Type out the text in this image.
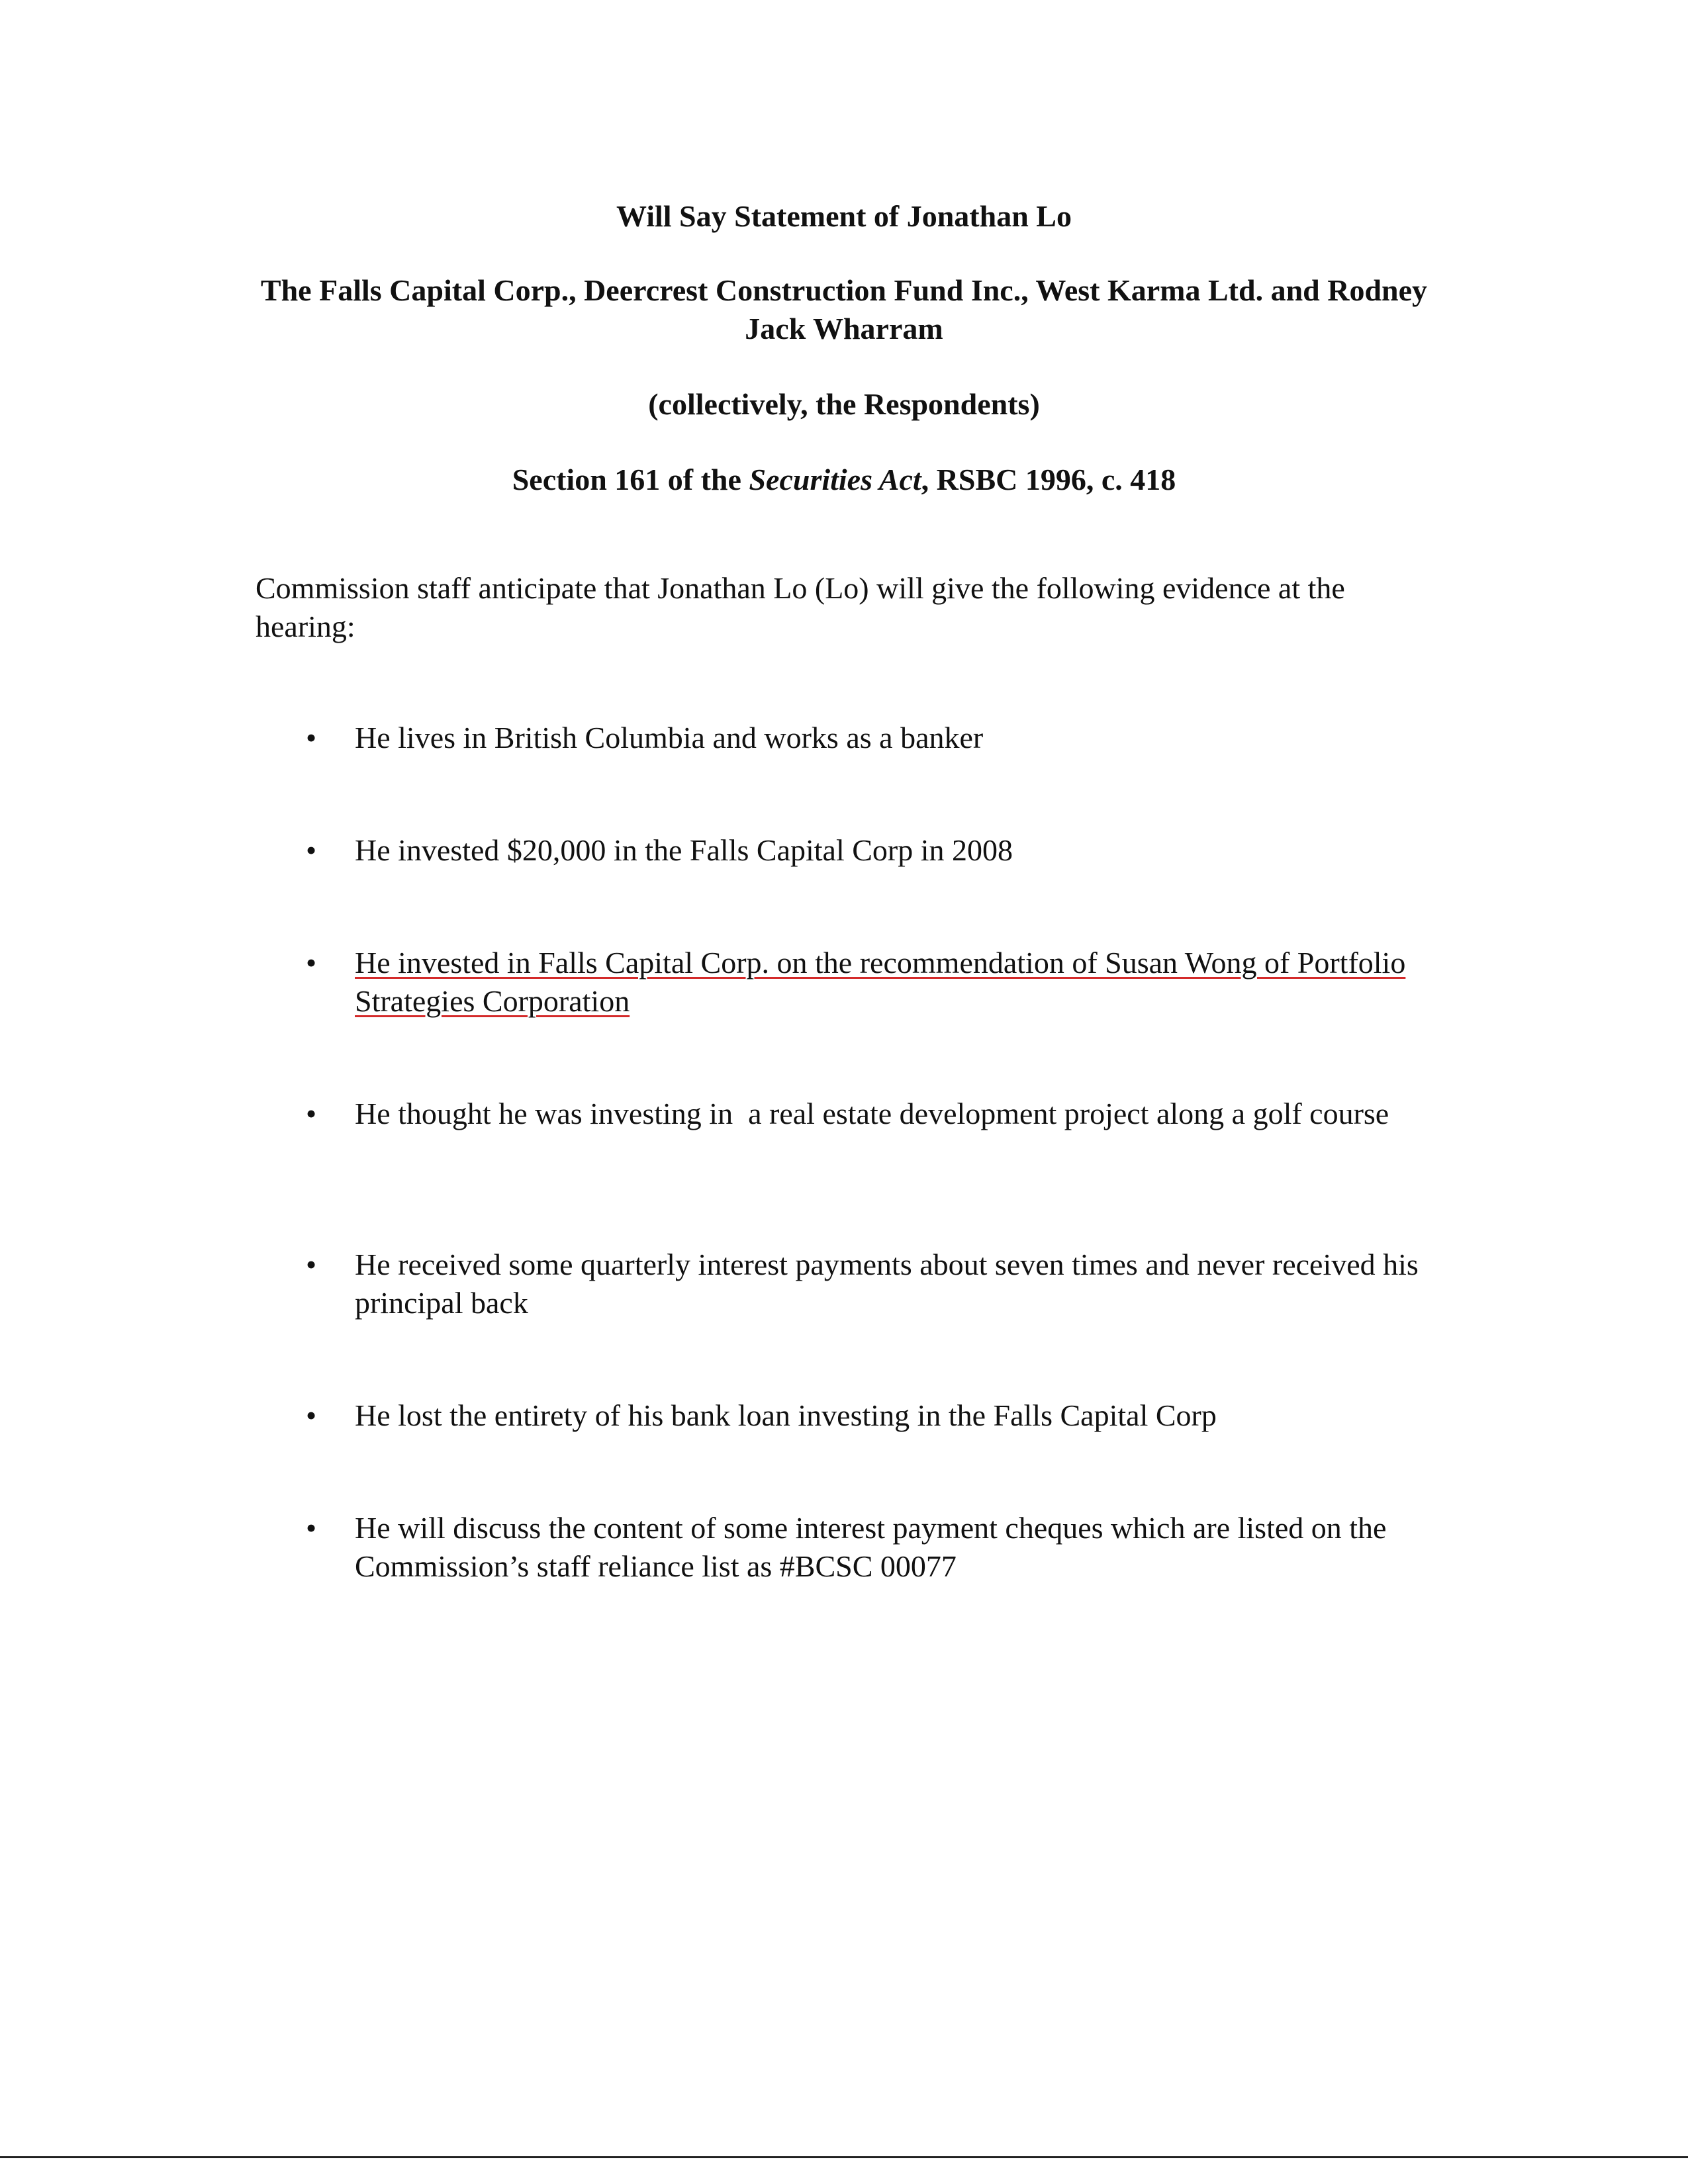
Will Say Statement of Jonathan Lo

The Falls Capital Corp., Deercrest Construction Fund Inc., West Karma Ltd. and Rodney Jack Wharram

(collectively, the Respondents)

Section 161 of the Securities Act, RSBC 1996, c. 418

Commission staff anticipate that Jonathan Lo (Lo) will give the following evidence at the hearing:

• He lives in British Columbia and works as a banker
• He invested $20,000 in the Falls Capital Corp in 2008
• He invested in Falls Capital Corp. on the recommendation of Susan Wong of Portfolio Strategies Corporation
• He thought he was investing in  a real estate development project along a golf course
• He received some quarterly interest payments about seven times and never received his principal back
• He lost the entirety of his bank loan investing in the Falls Capital Corp
• He will discuss the content of some interest payment cheques which are listed on the Commission’s staff reliance list as #BCSC 00077
